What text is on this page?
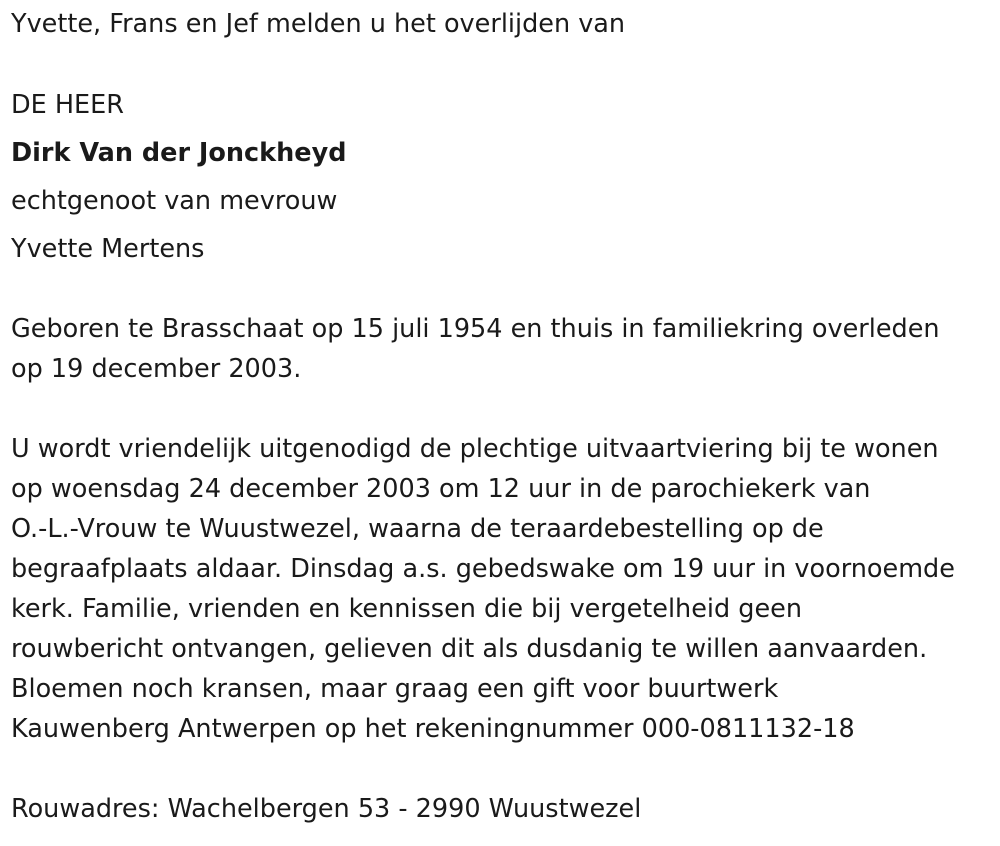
Yvette, Frans en Jef melden u het overlijden van
DE HEER
Dirk Van der Jonckheyd
echtgenoot van mevrouw
Yvette Mertens
Geboren te Brasschaat op 15 juli 1954 en thuis in familiekring overleden
op 19 december 2003.
U wordt vriendelijk uitgenodigd de plechtige uitvaartviering bij te wonen
op woensdag 24 december 2003 om 12 uur in de parochiekerk van
O.-L.-Vrouw te Wuustwezel, waarna de teraardebestelling op de
begraafplaats aldaar. Dinsdag a.s. gebedswake om 19 uur in voornoemde
kerk. Familie, vrienden en kennissen die bij vergetelheid geen
rouwbericht ontvangen, gelieven dit als dusdanig te willen aanvaarden.
Bloemen noch kransen, maar graag een gift voor buurtwerk
Kauwenberg Antwerpen op het rekeningnummer 000-0811132-18
Rouwadres: Wachelbergen 53 - 2990 Wuustwezel
